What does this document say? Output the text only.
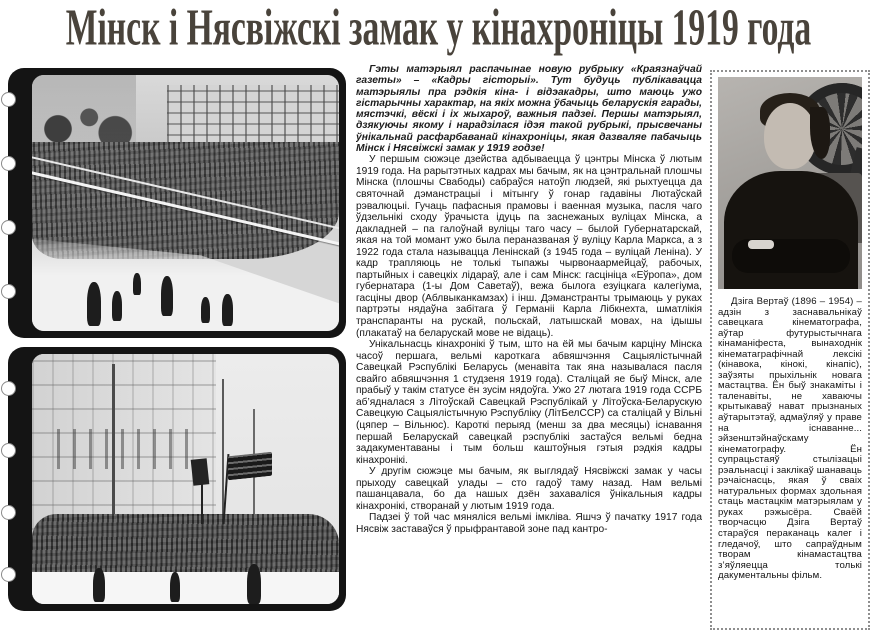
Мінск і Нясвіжскі замак у кінахроніцы 1919 года

Гэты матэрыял распачынае новую рубрыку «Краязнаўчай газеты» – «Кадры гісторыі». Тут будуць публікавацца матэрыялы пра рэдкія кіна- і відэакадры, што маюць ужо гістарычны характар, на якіх можна ўбачыць беларускія гарады, мястэчкі, вёскі і іх жыхароў, важныя падзеі. Першы матэрыял, дзякуючы якому і нарадзілася ідэя такой рубрыкі, прысвечаны ўнікальнай расфарбаванай кінахроніцы, якая дазваляе пабачыць Мінск і Нясвіжскі замак у 1919 годзе!

У першым сюжэце дзейства адбываецца ў цэнтры Мінска ў лютым 1919 года. На рарытэтных кадрах мы бачым, як на цэнтральнай плошчы Мінска (плошчы Свабоды) сабраўся натоўп людзей, які рыхтуецца да святочнай дэманстрацыі і мітынгу ў гонар гадавіны Лютаўскай рэвалюцыі. Гучаць пафасныя прамовы і ваенная музыка, пасля чаго ўдзельнікі сходу ўрачыста ідуць па заснежаных вуліцах Мінска, а дакладней – па галоўнай вуліцы таго часу – былой Губернатарскай, якая на той момант ужо была пераназваная ў вуліцу Карла Маркса, а з 1922 года стала называцца Ленінскай (з 1945 года – вуліцай Леніна). У кадр трапляюць не толькі тыпажы чырвонаармейцаў, рабочых, партыйных і савецкіх лідараў, але і сам Мінск: гасцініца «Еўропа», дом губернатара (1-ы Дом Саветаў), вежа былога езуіцкага калегіума, гасціны двор (Аблвыканкамзах) і інш. Дэманстранты трымаюць у руках партрэты нядаўна забітага ў Германіі Карла Лібкнехта, шматлікія транспаранты на рускай, польскай, латышскай мовах, на ідышы (плакатаў на беларускай мове не відаць).

Унікальнасць кінахронікі ў тым, што на ёй мы бачым карціну Мінска часоў першага, вельмі кароткага абвяшчэння Сацыялістычнай Савецкай Рэспублікі Беларусь (менавіта так яна называлася пасля свайго абвяшчэння 1 студзеня 1919 года). Сталіцай яе быў Мінск, але прабыў у такім статусе ён зусім нядоўга. Ужо 27 лютага 1919 года ССРБ аб’ядналася з Літоўскай Савецкай Рэспублікай у Літоўска-Беларускую Савецкую Сацыялістычную Рэспубліку (ЛітБелССР) са сталіцай у Вільні (цяпер – Вільнюс). Кароткі перыяд (менш за два месяцы) існавання першай Беларускай савецкай рэспублікі застаўся вельмі бедна задакументаваны і тым больш каштоўныя гэтыя рэдкія кадры кінахронікі.

У другім сюжэце мы бачым, як выглядаў Нясвіжскі замак у часы прыходу савецкай улады – сто гадоў таму назад. Нам вельмі пашанцавала, бо да нашых дзён захаваліся ўнікальныя кадры кінахронікі, створанай у лютым 1919 года.

Падзеі ў той час мяняліся вельмі імкліва. Яшчэ ў пачатку 1917 года Нясвіж заставаўся ў прыфрантавой зоне пад кантро-

Дзіга Вертаў (1896 – 1954) – адзін з заснавальнікаў савецкага кінематографа, аўтар футурыстычнага кінаманіфеста, вынаходнік кінематаграфічнай лексікі (кінавока, кінокі, кінапіс), заўзяты прыхільнік новага мастацтва. Ён быў знакаміты і таленавіты, не хаваючы крытыкаваў нават прызнаных аўтарытэтаў, адмаўляў у праве на існаванне... эйзенштэйнаўскаму кінематографу. Ён супрацьстаяў стылізацыі рэальнасці і заклікаў шанаваць рэчаіснасць, якая ў сваіх натуральных формах здольная стаць мастацкім матэрыялам у руках рэжысёра. Сваёй творчасцю Дзіга Вертаў стараўся пераканаць калег і гледачоў, што сапраўдным творам кінамастацтва з’яўляецца толькі дакументальны фільм.
